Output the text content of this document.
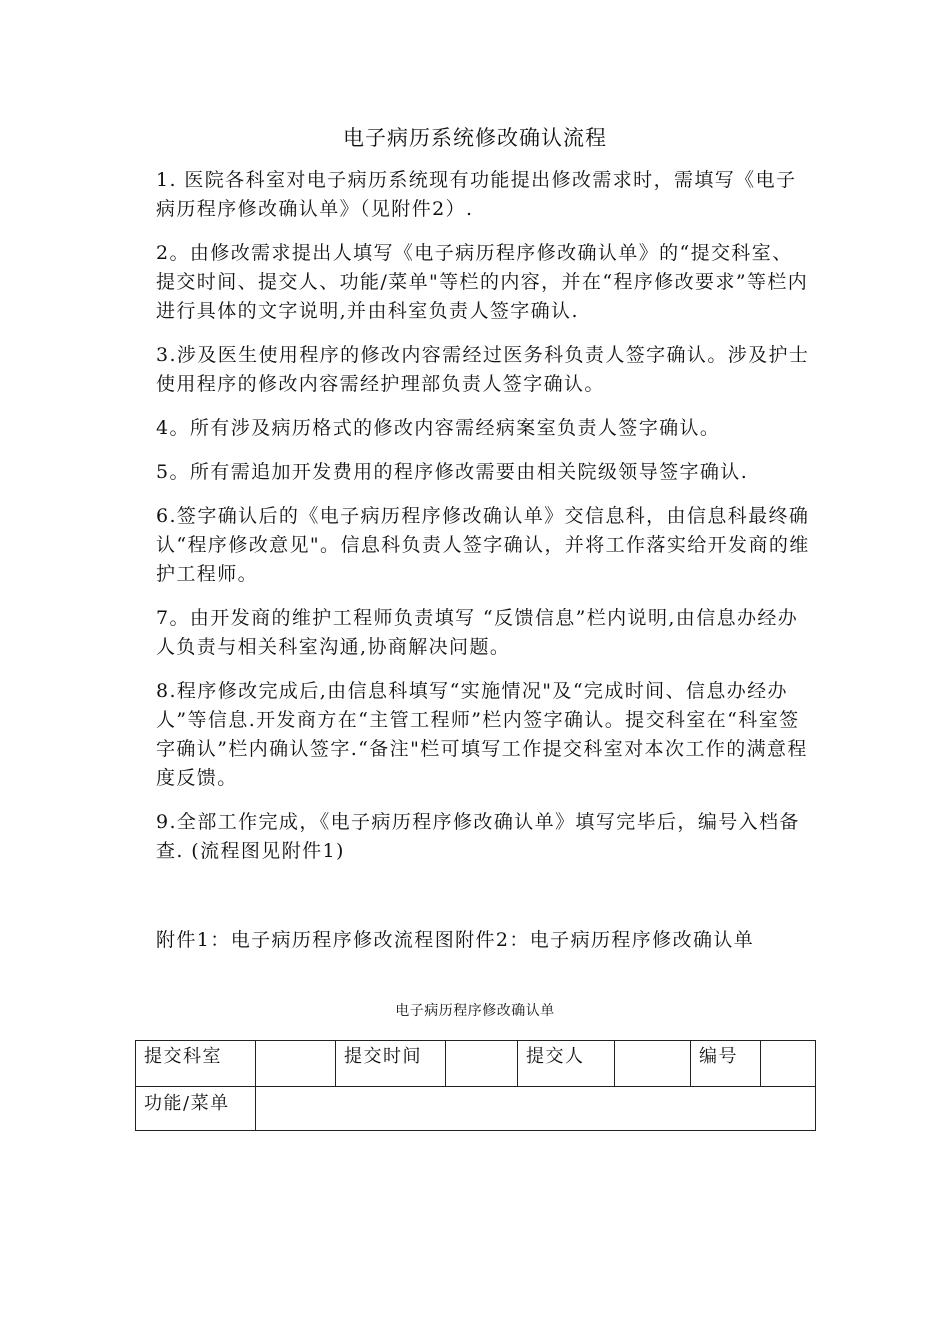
电子病历系统修改确认流程

1. 医院各科室对电子病历系统现有功能提出修改需求时，需填写《电子病历程序修改确认单》（见附件2）.

2。由修改需求提出人填写《电子病历程序修改确认单》的“提交科室、提交时间、提交人、功能/菜单"等栏的内容，并在“程序修改要求”等栏内进行具体的文字说明,并由科室负责人签字确认.

3.涉及医生使用程序的修改内容需经过医务科负责人签字确认。涉及护士使用程序的修改内容需经护理部负责人签字确认。

4。所有涉及病历格式的修改内容需经病案室负责人签字确认。

5。所有需追加开发费用的程序修改需要由相关院级领导签字确认.

6.签字确认后的《电子病历程序修改确认单》交信息科，由信息科最终确认“程序修改意见"。信息科负责人签字确认，并将工作落实给开发商的维护工程师。

7。由开发商的维护工程师负责填写 “反馈信息”栏内说明,由信息办经办人负责与相关科室沟通,协商解决问题。

8.程序修改完成后,由信息科填写“实施情况"及“完成时间、信息办经办人”等信息.开发商方在“主管工程师”栏内签字确认。提交科室在“科室签字确认”栏内确认签字.“备注"栏可填写工作提交科室对本次工作的满意程度反馈。

9.全部工作完成，《电子病历程序修改确认单》填写完毕后，编号入档备查. (流程图见附件1)

附件1：电子病历程序修改流程图附件2：电子病历程序修改确认单

电子病历程序修改确认单

提交科室		提交时间		提交人		编号	
功能/菜单							
